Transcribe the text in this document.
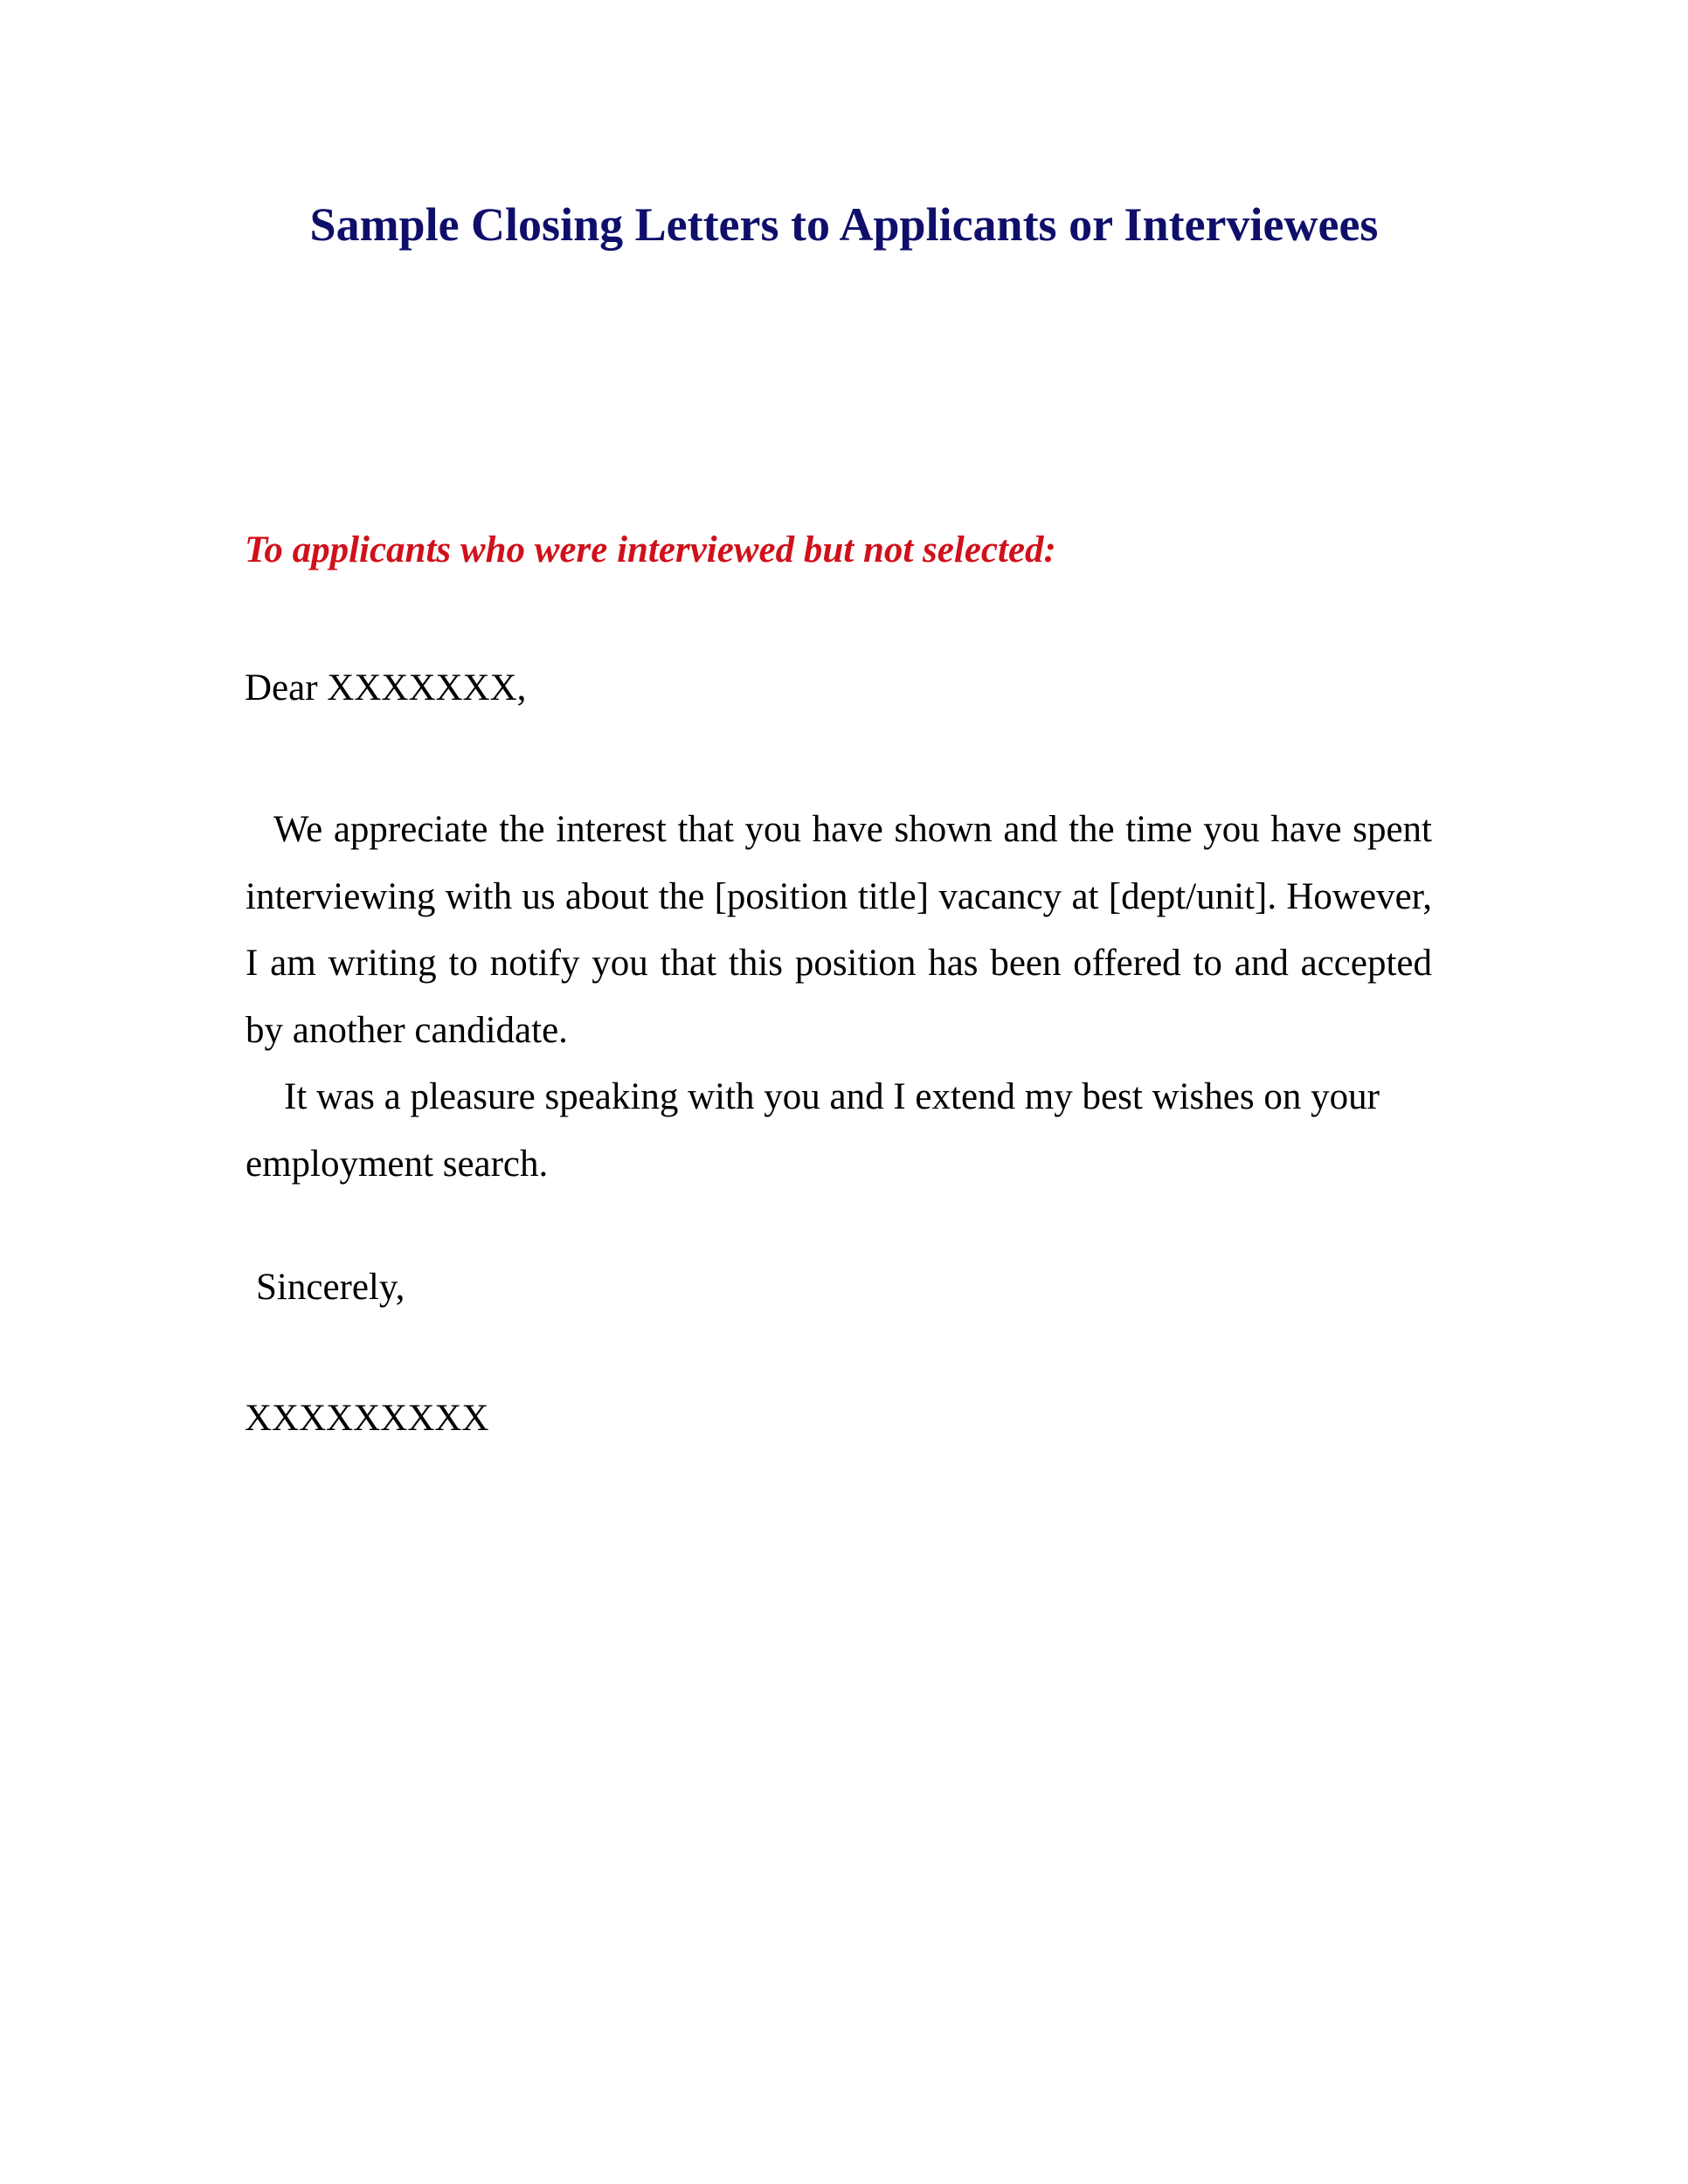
Sample Closing Letters to Applicants or Interviewees

To applicants who were interviewed but not selected:

Dear XXXXXXX,

We appreciate the interest that you have shown and the time you have spent interviewing with us about the [position title] vacancy at [dept/unit]. However, I am writing to notify you that this position has been offered to and accepted by another candidate.

It was a pleasure speaking with you and I extend my best wishes on your employment search.

Sincerely,

XXXXXXXXX
